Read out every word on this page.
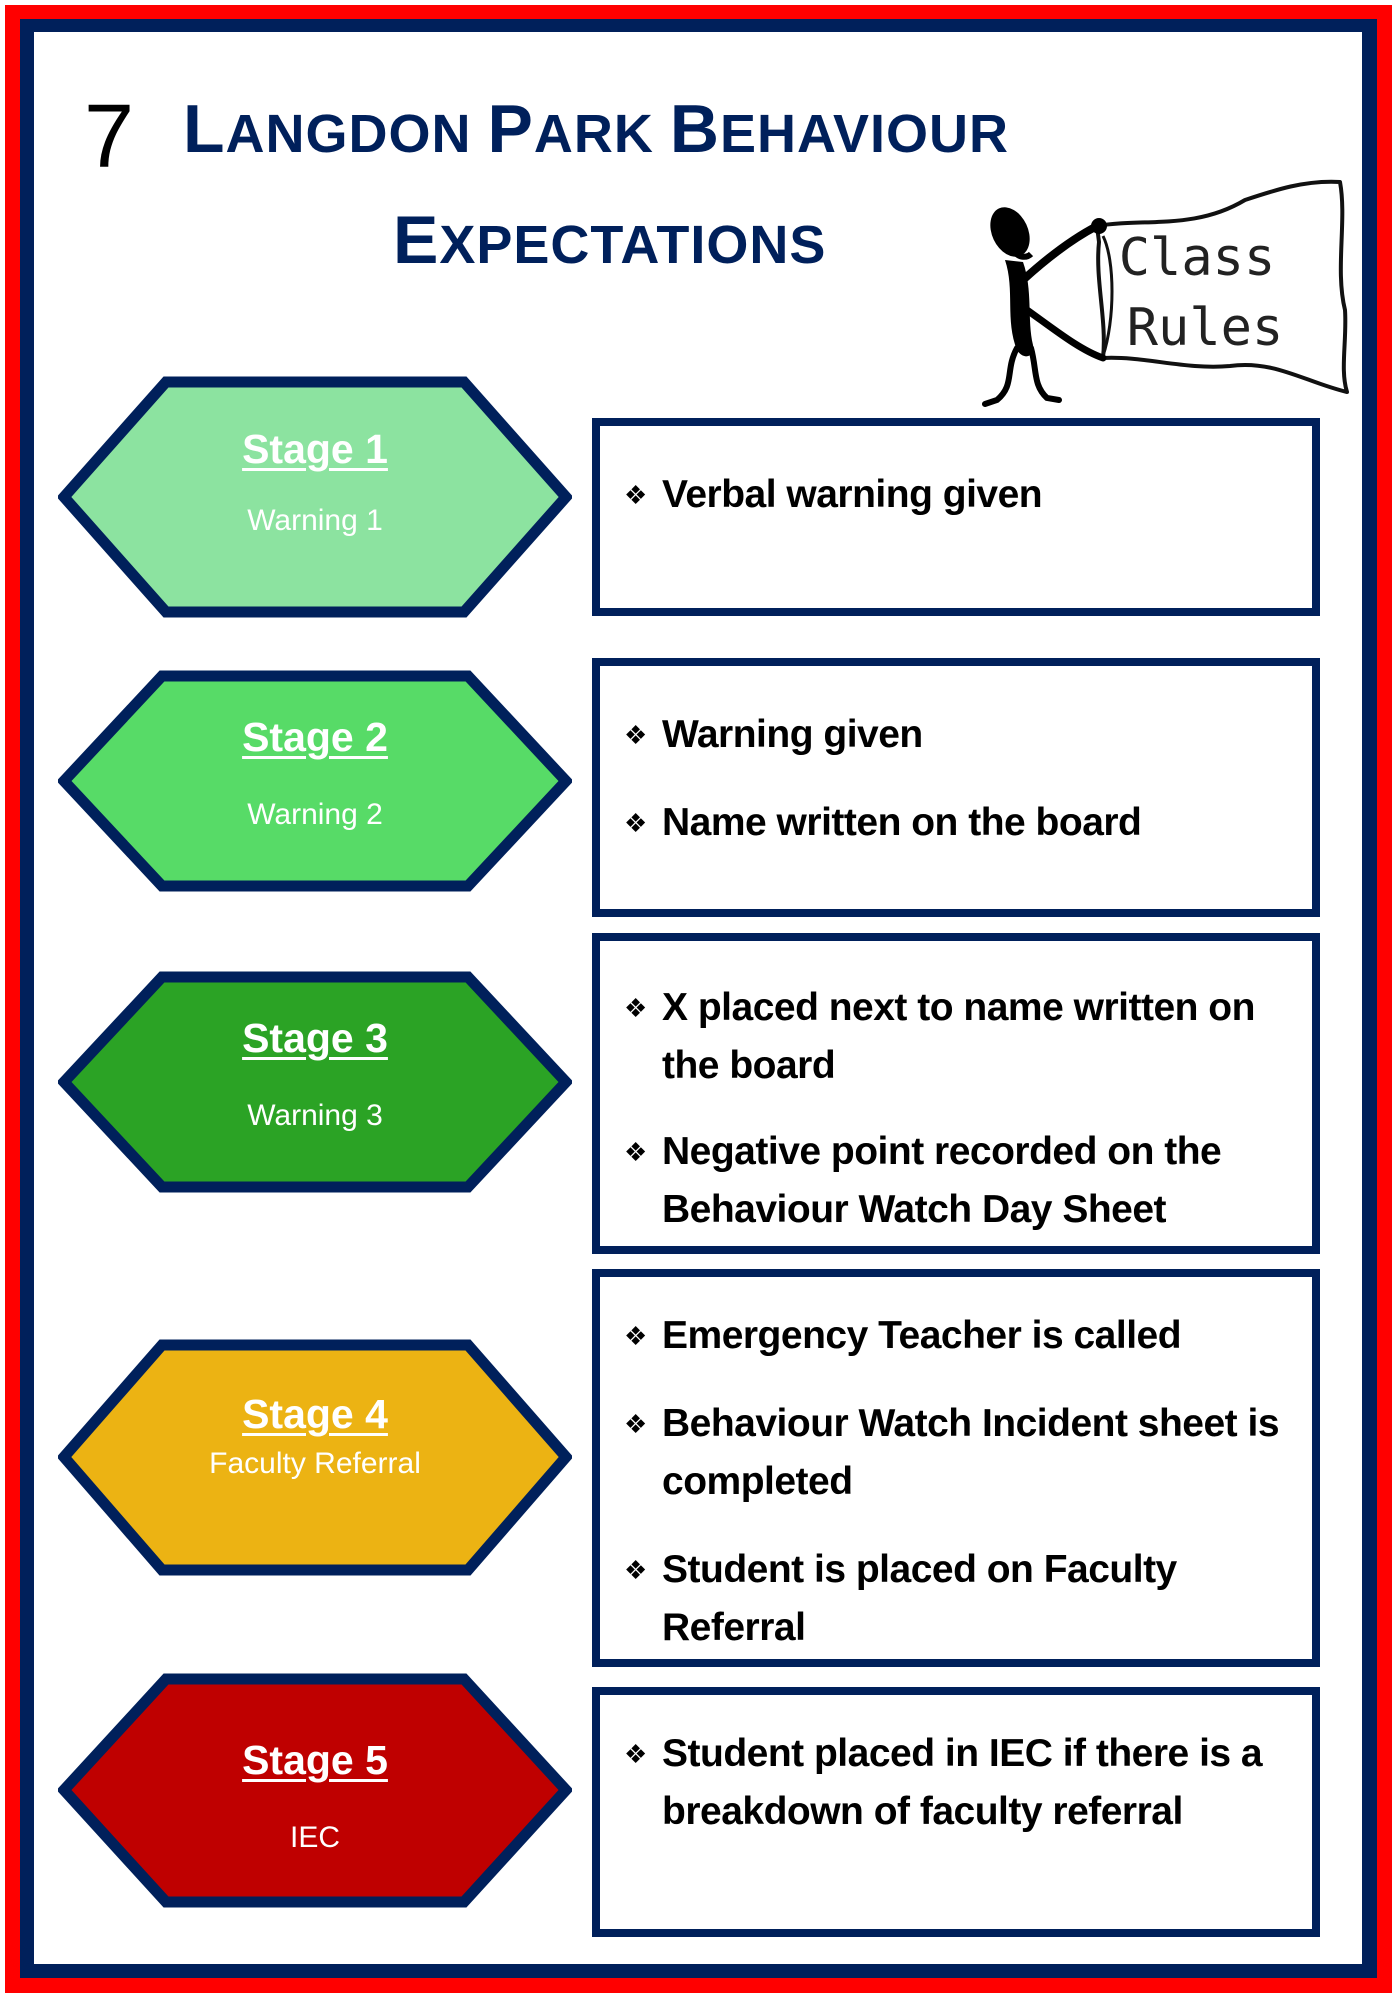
7 LANGDON PARK BEHAVIOUR
EXPECTATIONS	Class
Rules
Stage 1
Warning 1
❖ Verbal warning given
Stage 2
Warning 2
❖ Warning given
❖ Name written on the board
Stage 3
Warning 3
❖ X placed next to name written on the board
❖ Negative point recorded on the Behaviour Watch Day Sheet
Stage 4
Faculty Referral
❖ Emergency Teacher is called
❖ Behaviour Watch Incident sheet is completed
❖ Student is placed on Faculty Referral
Stage 5
IEC
❖ Student placed in IEC if there is a breakdown of faculty referral
